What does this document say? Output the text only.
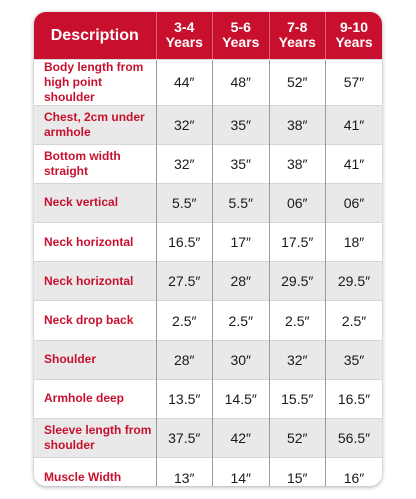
Description	3-4 Years	5-6 Years	7-8 Years	9-10 Years
Body length from high point shoulder	44″	48″	52″	57″
Chest, 2cm under armhole	32″	35″	38″	41″
Bottom width straight	32″	35″	38″	41″
Neck vertical	5.5″	5.5″	06″	06″
Neck horizontal	16.5″	17″	17.5″	18″
Neck horizontal	27.5″	28″	29.5″	29.5″
Neck drop back	2.5″	2.5″	2.5″	2.5″
Shoulder	28″	30″	32″	35″
Armhole deep	13.5″	14.5″	15.5″	16.5″
Sleeve length from shoulder	37.5″	42″	52″	56.5″
Muscle Width	13″	14″	15″	16″
